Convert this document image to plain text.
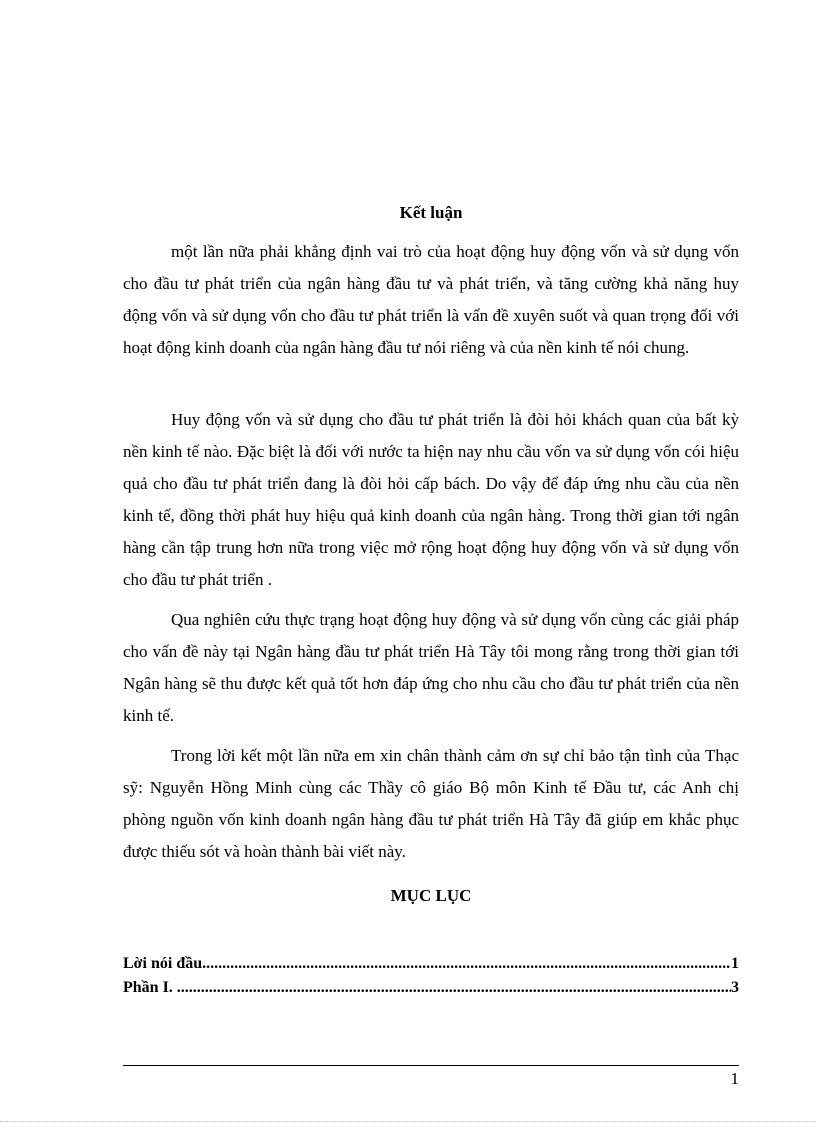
Kết luận

một lần nữa phải khẳng định vai trò của hoạt động huy động vốn và sử dụng vốn cho đầu tư phát triển của ngân hàng đầu tư và phát triển, và tăng cường khả năng huy động vốn và sử dụng vốn cho đầu tư phát triển là vấn đề xuyên suốt và quan trọng đối với hoạt động kinh doanh của ngân hàng đầu tư nói riêng và của nền kinh tế nói chung.

Huy động vốn và sử dụng cho đầu tư phát triển là đòi hỏi khách quan của bất kỳ nền kinh tế nào. Đặc biệt là đối với nước ta hiện nay nhu cầu vốn va sử dụng vốn cói hiệu quả cho đầu tư phát triển đang là đòi hỏi cấp bách. Do vậy để đáp ứng nhu cầu của nền kinh tế, đồng thời phát huy hiệu quả kinh doanh của ngân hàng. Trong thời gian tới ngân hàng cần tập trung hơn nữa trong việc mở rộng hoạt động huy động vốn và sử dụng vốn cho đầu tư phát triển .

Qua nghiên cứu thực trạng hoạt động huy động và sử dụng vốn cùng các giải pháp cho vấn đề này tại Ngân hàng đầu tư phát triển Hà Tây tôi mong rằng trong thời gian tới Ngân hàng sẽ thu được kết quả tốt hơn đáp ứng cho nhu cầu cho đầu tư phát triển của nền kinh tế.

Trong lời kết một lần nữa em xin chân thành cảm ơn sự chỉ bảo tận tình của Thạc sỹ: Nguyễn Hồng Minh cùng các Thầy cô giáo Bộ môn Kinh tế Đầu tư, các Anh chị phòng nguồn vốn kinh doanh ngân hàng đầu tư phát triển Hà Tây đã giúp em khắc phục được thiếu sót và hoàn thành bài viết này.

MỤC LỤC
Lời nói đầu .....	1
Phần I. .....	3
1
